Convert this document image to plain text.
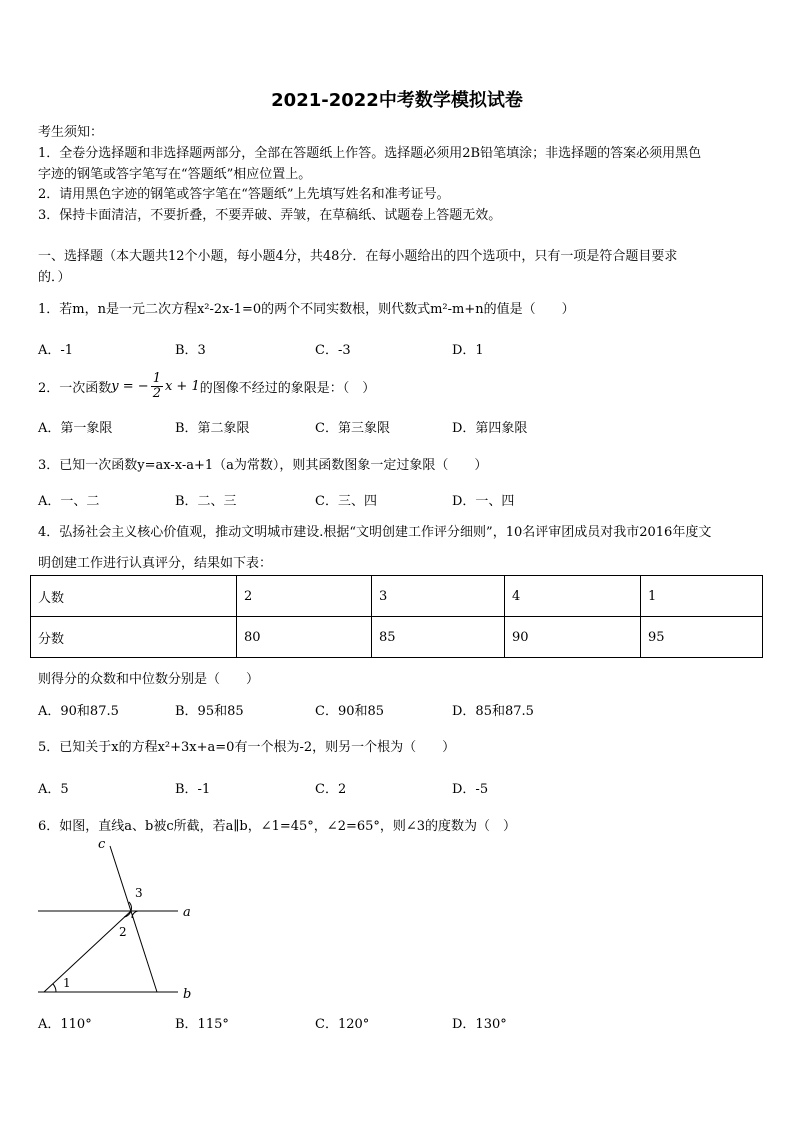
2021-2022中考数学模拟试卷
考生须知：
1．全卷分选择题和非选择题两部分，全部在答题纸上作答。选择题必须用2B铅笔填涂；非选择题的答案必须用黑色
字迹的钢笔或答字笔写在“答题纸”相应位置上。
2．请用黑色字迹的钢笔或答字笔在“答题纸”上先填写姓名和准考证号。
3．保持卡面清洁，不要折叠，不要弄破、弄皱，在草稿纸、试题卷上答题无效。
一、选择题（本大题共12个小题，每小题4分，共48分．在每小题给出的四个选项中，只有一项是符合题目要求
的．）
1．若m，n是一元二次方程x²-2x-1=0的两个不同实数根，则代数式m²-m+n的值是（　　）
A．-1	B．3	C．-3	D．1
2．一次函数 y = − $\frac{1}{2}$ x + 1 的图像不经过的象限是：（　）
A．第一象限	B．第二象限	C．第三象限	D．第四象限
3．已知一次函数y=ax-x-a+1（a为常数），则其函数图象一定过象限（　　）
A．一、二	B．二、三	C．三、四	D．一、四
4．弘扬社会主义核心价值观，推动文明城市建设.根据“文明创建工作评分细则”，10名评审团成员对我市2016年度文
明创建工作进行认真评分，结果如下表：
人数	2	3	4	1
分数	80	85	90	95
则得分的众数和中位数分别是（　　）
A．90和87.5	B．95和85	C．90和85	D．85和87.5
5．已知关于x的方程x²+3x+a=0有一个根为-2，则另一个根为（　　）
A．5	B．-1	C．2	D．-5
6．如图，直线a、b被c所截，若a∥b，∠1=45°，∠2=65°，则∠3的度数为（　）
c
a
b
3
2
1
A．110°	B．115°	C．120°	D．130°
